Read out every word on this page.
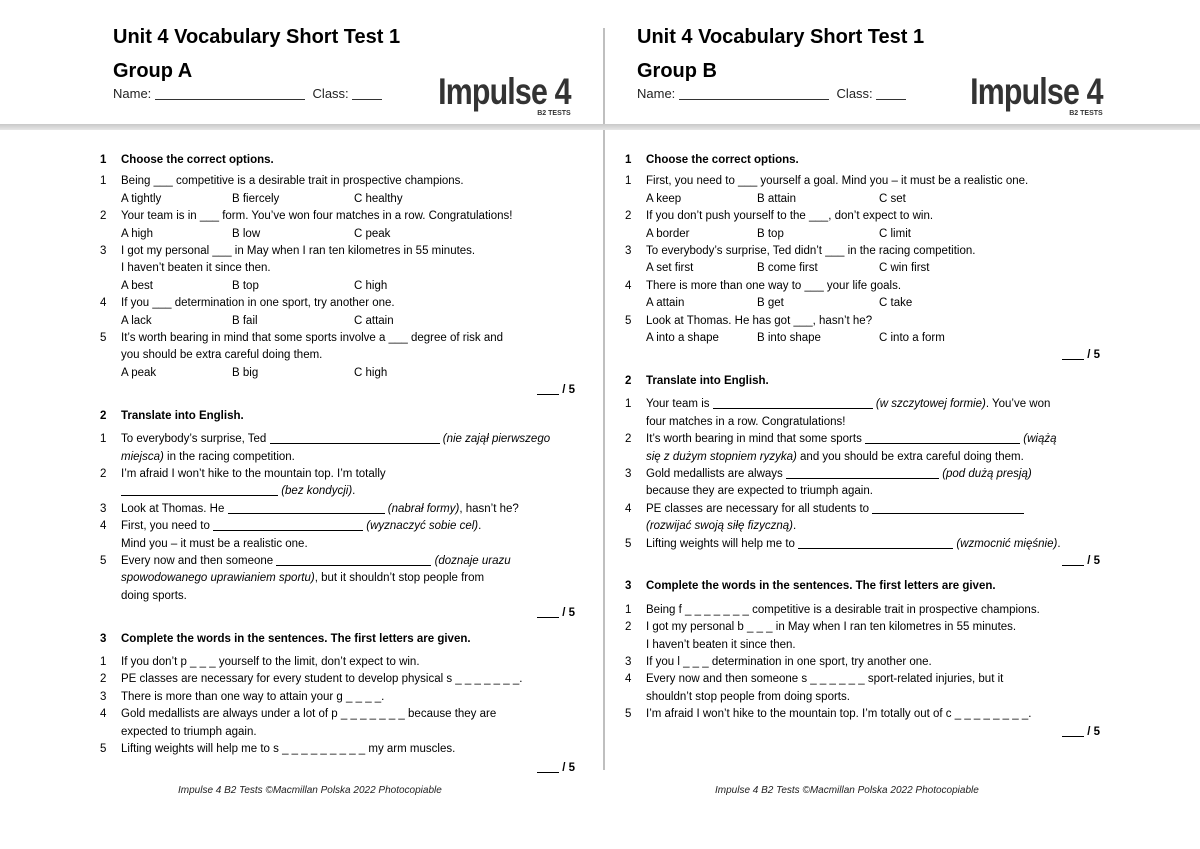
Unit 4 Vocabulary Short Test 1
Group A
Name:	Class:	Impulse 4
B2 TESTS
Unit 4 Vocabulary Short Test 1
Group B
Name:	Class:	Impulse 4
B2 TESTS
1	Choose the correct options.
1	Being ___ competitive is a desirable trait in prospective champions.
A tightly	B fiercely	C healthy
2	Your team is in ___ form. You’ve won four matches in a row. Congratulations!
A high	B low	C peak
3	I got my personal ___ in May when I ran ten kilometres in 55 minutes.
I haven’t beaten it since then.
A best	B top	C high
4	If you ___ determination in one sport, try another one.
A lack	B fail	C attain
5	It’s worth bearing in mind that some sports involve a ___ degree of risk and
you should be extra careful doing them.
A peak	B big	C high
/ 5
2	Translate into English.
1	To everybody’s surprise, Ted	(nie zajął pierwszego
miejsca) in the racing competition.
2	I’m afraid I won’t hike to the mountain top. I’m totally
(bez kondycji).
3	Look at Thomas. He	(nabrał formy), hasn’t he?
4	First, you need to	(wyznaczyć sobie cel).
Mind you – it must be a realistic one.
5	Every now and then someone	(doznaje urazu
spowodowanego uprawianiem sportu), but it shouldn’t stop people from
doing sports.
/ 5
3	Complete the words in the sentences. The first letters are given.
1	If you don’t p _ _ _ yourself to the limit, don’t expect to win.
2	PE classes are necessary for every student to develop physical s _ _ _ _ _ _ _.
3	There is more than one way to attain your g _ _ _ _.
4	Gold medallists are always under a lot of p _ _ _ _ _ _ _ because they are
expected to triumph again.
5	Lifting weights will help me to s _ _ _ _ _ _ _ _ _ my arm muscles.
/ 5
1	Choose the correct options.
1	First, you need to ___ yourself a goal. Mind you – it must be a realistic one.
A keep	B attain	C set
2	If you don’t push yourself to the ___, don’t expect to win.
A border	B top	C limit
3	To everybody’s surprise, Ted didn’t ___ in the racing competition.
A set first	B come first	C win first
4	There is more than one way to ___ your life goals.
A attain	B get	C take
5	Look at Thomas. He has got ___, hasn’t he?
A into a shape	B into shape	C into a form
/ 5
2	Translate into English.
1	Your team is	(w szczytowej formie). You’ve won
four matches in a row. Congratulations!
2	It’s worth bearing in mind that some sports	(wiążą
się z dużym stopniem ryzyka) and you should be extra careful doing them.
3	Gold medallists are always	(pod dużą presją)
because they are expected to triumph again.
4	PE classes are necessary for all students to
(rozwijać swoją siłę fizyczną).
5	Lifting weights will help me to	(wzmocnić mięśnie).
/ 5
3	Complete the words in the sentences. The first letters are given.
1	Being f _ _ _ _ _ _ _ competitive is a desirable trait in prospective champions.
2	I got my personal b _ _ _ in May when I ran ten kilometres in 55 minutes.
I haven’t beaten it since then.
3	If you l _ _ _ determination in one sport, try another one.
4	Every now and then someone s _ _ _ _ _ _ sport-related injuries, but it
shouldn’t stop people from doing sports.
5	I’m afraid I won’t hike to the mountain top. I’m totally out of c _ _ _ _ _ _ _ _.
/ 5
Impulse 4 B2 Tests ©Macmillan Polska 2022 Photocopiable	Impulse 4 B2 Tests ©Macmillan Polska 2022 Photocopiable
